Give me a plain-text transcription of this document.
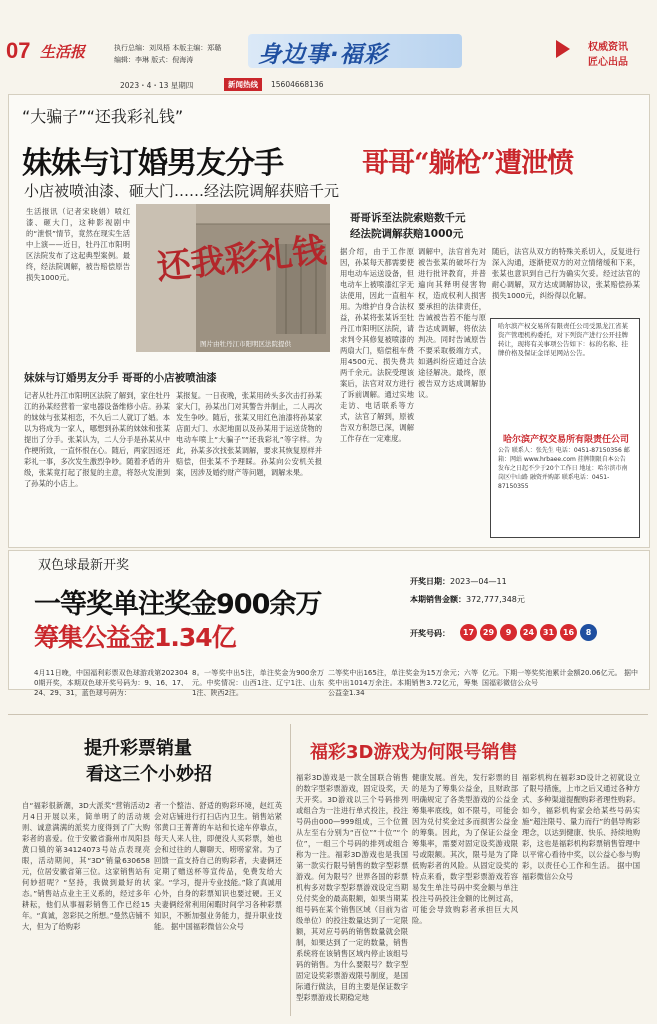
07 生活报	执行总编：刘凤梧 本版主编：郑璐
编辑：李琳 版式：倪海涛	身边事·福彩	权威资讯
匠心出品
2023・4・13 星期四	新闻热线	15604668136
“大骗子”“还我彩礼钱”
妹妹与订婚男友分手	哥哥“躺枪”遭泄愤
小店被喷油漆、砸大门……经法院调解获赔千元
生活报讯（记者宋晓娟）喷红漆、砸大门，这种影视剧中的“泄恨”情节，竟然在现实生活中上演——近日，牡丹江市阳明区法院发布了这起典型案例。最终，经法院调解，被告赔偿原告损失1000元。	还我彩礼钱
图片由牡丹江市阳明区法院提供
妹妹与订婚男友分手 哥哥的小店被喷油漆
记者从牡丹江市阳明区法院了解到，家住牡丹江的孙某经营着一家电器设备维修小店。孙某的妹妹与张某相恋，不久后二人就订了婚。本以为将成为一家人，哪想到孙某的妹妹和张某提出了分手。张某认为，二人分手是孙某从中作梗所致，一直怀恨在心。随后，两家因返还彩礼一事，多次发生激烈争吵。随着矛盾的升级，张某竟打起了报复的主意，将怒火发泄到了孙某的小店上。
某报复。一日夜晚，张某用砖头多次击打孙某家大门，孙某出门对其警告并制止，二人再次发生争吵。随后，张某又用红色油漆将孙某家店面大门、水泥地面以及孙某用于运送货物的电动车喷上“大骗子”“还我彩礼”等字样。为此，孙某多次找张某调解，要求其恢复原样并赔偿，但张某不予理睬。孙某向公安机关报案，因涉及婚约财产等问题，调解未果。
哥哥诉至法院索赔数千元
经法院调解获赔1000元
据介绍，由于工作原因，孙某每天都需要使用电动车运送设备，但电动车上被喷漆红字无法使用，因此一直租车用。为维护自身合法权益，孙某将张某诉至牡丹江市阳明区法院，请求判令其修复被喷漆的两扇大门，赔偿租车费用4500元、损失费共两千余元。法院受理该案后，法官对双方进行了诉前调解。通过实地走访、电话联系等方式，法官了解到，原被告双方积怨已深，调解工作存在一定难度。
调解中，法官首先对被告张某的破坏行为进行批评教育，并普遍向其释明侵害物权，造成权利人损害要承担的法律责任，告诫被告若不能与原告达成调解，将依法判决。同时告诫原告不要采取极端方式，如遇纠纷应通过合法途径解决。最终，原被告双方达成调解协议。
随后，法官从双方的特殊关系切入，反复进行深入沟通，逐渐使双方的对立情绪缓和下来，张某也意识到自己行为确实欠妥。经过法官的耐心调解，双方达成调解协议，张某赔偿孙某损失1000元，纠纷得以化解。
哈尔滨产权交易所有限责任公司受黑龙江省某资产管理机构委托，对下列资产进行公开挂牌转让，现将有关事项公告如下：标的名称、挂牌价格及保证金详见网站公告。
哈尔滨产权交易所有限责任公司
公告 联系人：张先生 电话：0451-87150356 邮箱：网站 www.hrbaee.com 挂牌期限自本公告发布之日起不少于20个工作日 地址：哈尔滨市南岗区中山路 融资并购部 联系电话：0451-87150355
双色球最新开奖
一等奖单注奖金900余万
筹集公益金1.34亿
开奖日期：2023—04—11
本期销售金额：372,777,348元
开奖号码：	17	29	9	24	31	16	8
4月11日晚，中国福利彩票双色球游戏第2023040期开奖，本期双色球开奖号码为：9、16、17、24、29、31，蓝色球号码为：
8。一等奖中出5注，单注奖金为900余万元。中奖情况：山西1注、辽宁1注、山东1注、陕西2注。
二等奖中出165注，单注奖金为15万余元；六等奖中出1014万余注。本期销售3.72亿元，筹集公益金1.34
亿元。下期一等奖奖池累计金额20.06亿元。 据中国福彩微信公众号
提升彩票销量
看这三个小妙招
自“福彩很新潮，3D大派奖”营销活动2月4日开展以来，简单明了的活动规则、诚意满满的派奖力度得到了广大购彩者的喜爱。位于安徽省滁州市凤阳县黄口镇的第34124073号站点表现亮眼，活动期间，其“3D”销量630658元，位居安徽省第三位。这家销售站有何妙招呢？“坚持，我做到最好的状态。”销售站点业主王义系的，经过多年耕耘，他们从事福彩销售工作已经15年。“真诚，忽彩民之所想。”曼然店铺不大，但为了给购彩
者一个整洁、舒适的购彩环境，赵红英会对店铺进行打扫店内卫生。销售站紧邻黄口王菁菁的车站和长途车停靠点，每天人来人往，即便没人买彩票，她也会和过往的人聊聊天、唠唠家常。为了回馈一直支持自己的购彩者，夫妻俩还定期了赠送杯等宣传品，免费发给大家。“学习，提升专业技能。”除了真诚用心外，自身的彩票知识也要过硬。王义夫妻俩经常利用闲暇时间学习各种彩票知识，不断加强业务能力，提升职业技能。 据中国福彩微信公众号
福彩3D游戏为何限号销售
福彩3D游戏是一款全国联合销售的数字型彩票游戏，固定设奖，天天开奖。3D游戏以三个号码排列或组合为一注进行单式投注，投注号码由000—999组成，三个位置从左至右分别为“百位”“十位”“个位”，一组三个号码的排列或组合称为一注。福彩3D游戏也是我国第一款实行限号销售的数字型彩票游戏。何为限号？世界各国的彩票机构多对数字型彩票游戏设定当期兑付奖金的最高限额，如果当期某组号码在某个销售区域（目前为省级单位）的投注数量达到了一定限额，其对应号码的销售数量就会限制，如果达到了一定的数量，销售系统将在该销售区域内停止该组号码的销售。为什么要限号？数字型固定设奖彩票游戏限号制度，是国际通行做法，目的主要是保证数字型彩票游戏长期稳定地
健康发展。首先，发行彩票的目的是为了筹集公益金，且财政部明确规定了各类型游戏的公益金筹集率底线，如不限号，可能会因为兑付奖金过多而损害公益金的筹集。因此，为了保证公益金筹集率，需要对固定设奖游戏限号或限额。其次，限号是为了降低购彩者的风险。从固定设奖的特点来看，数字型彩票游戏若容易发生单注号码中奖金额与单注投注号码投注金额的比例过高，可能会导致购彩者承担巨大风险。
福彩机构在福彩3D设计之初就设立了限号措施，上市之后又通过各种方式、多种渠道提醒购彩者理性购彩。如今，福彩机构家会给某些号码实施“超注限号、量力而行”的倡导购彩理念，以达到健康、快乐、持续地购彩，这也是福彩机构彩票销售管理中以平常心看待中奖，以公益心参与购彩，以责任心工作和生活。 据中国福彩微信公众号
